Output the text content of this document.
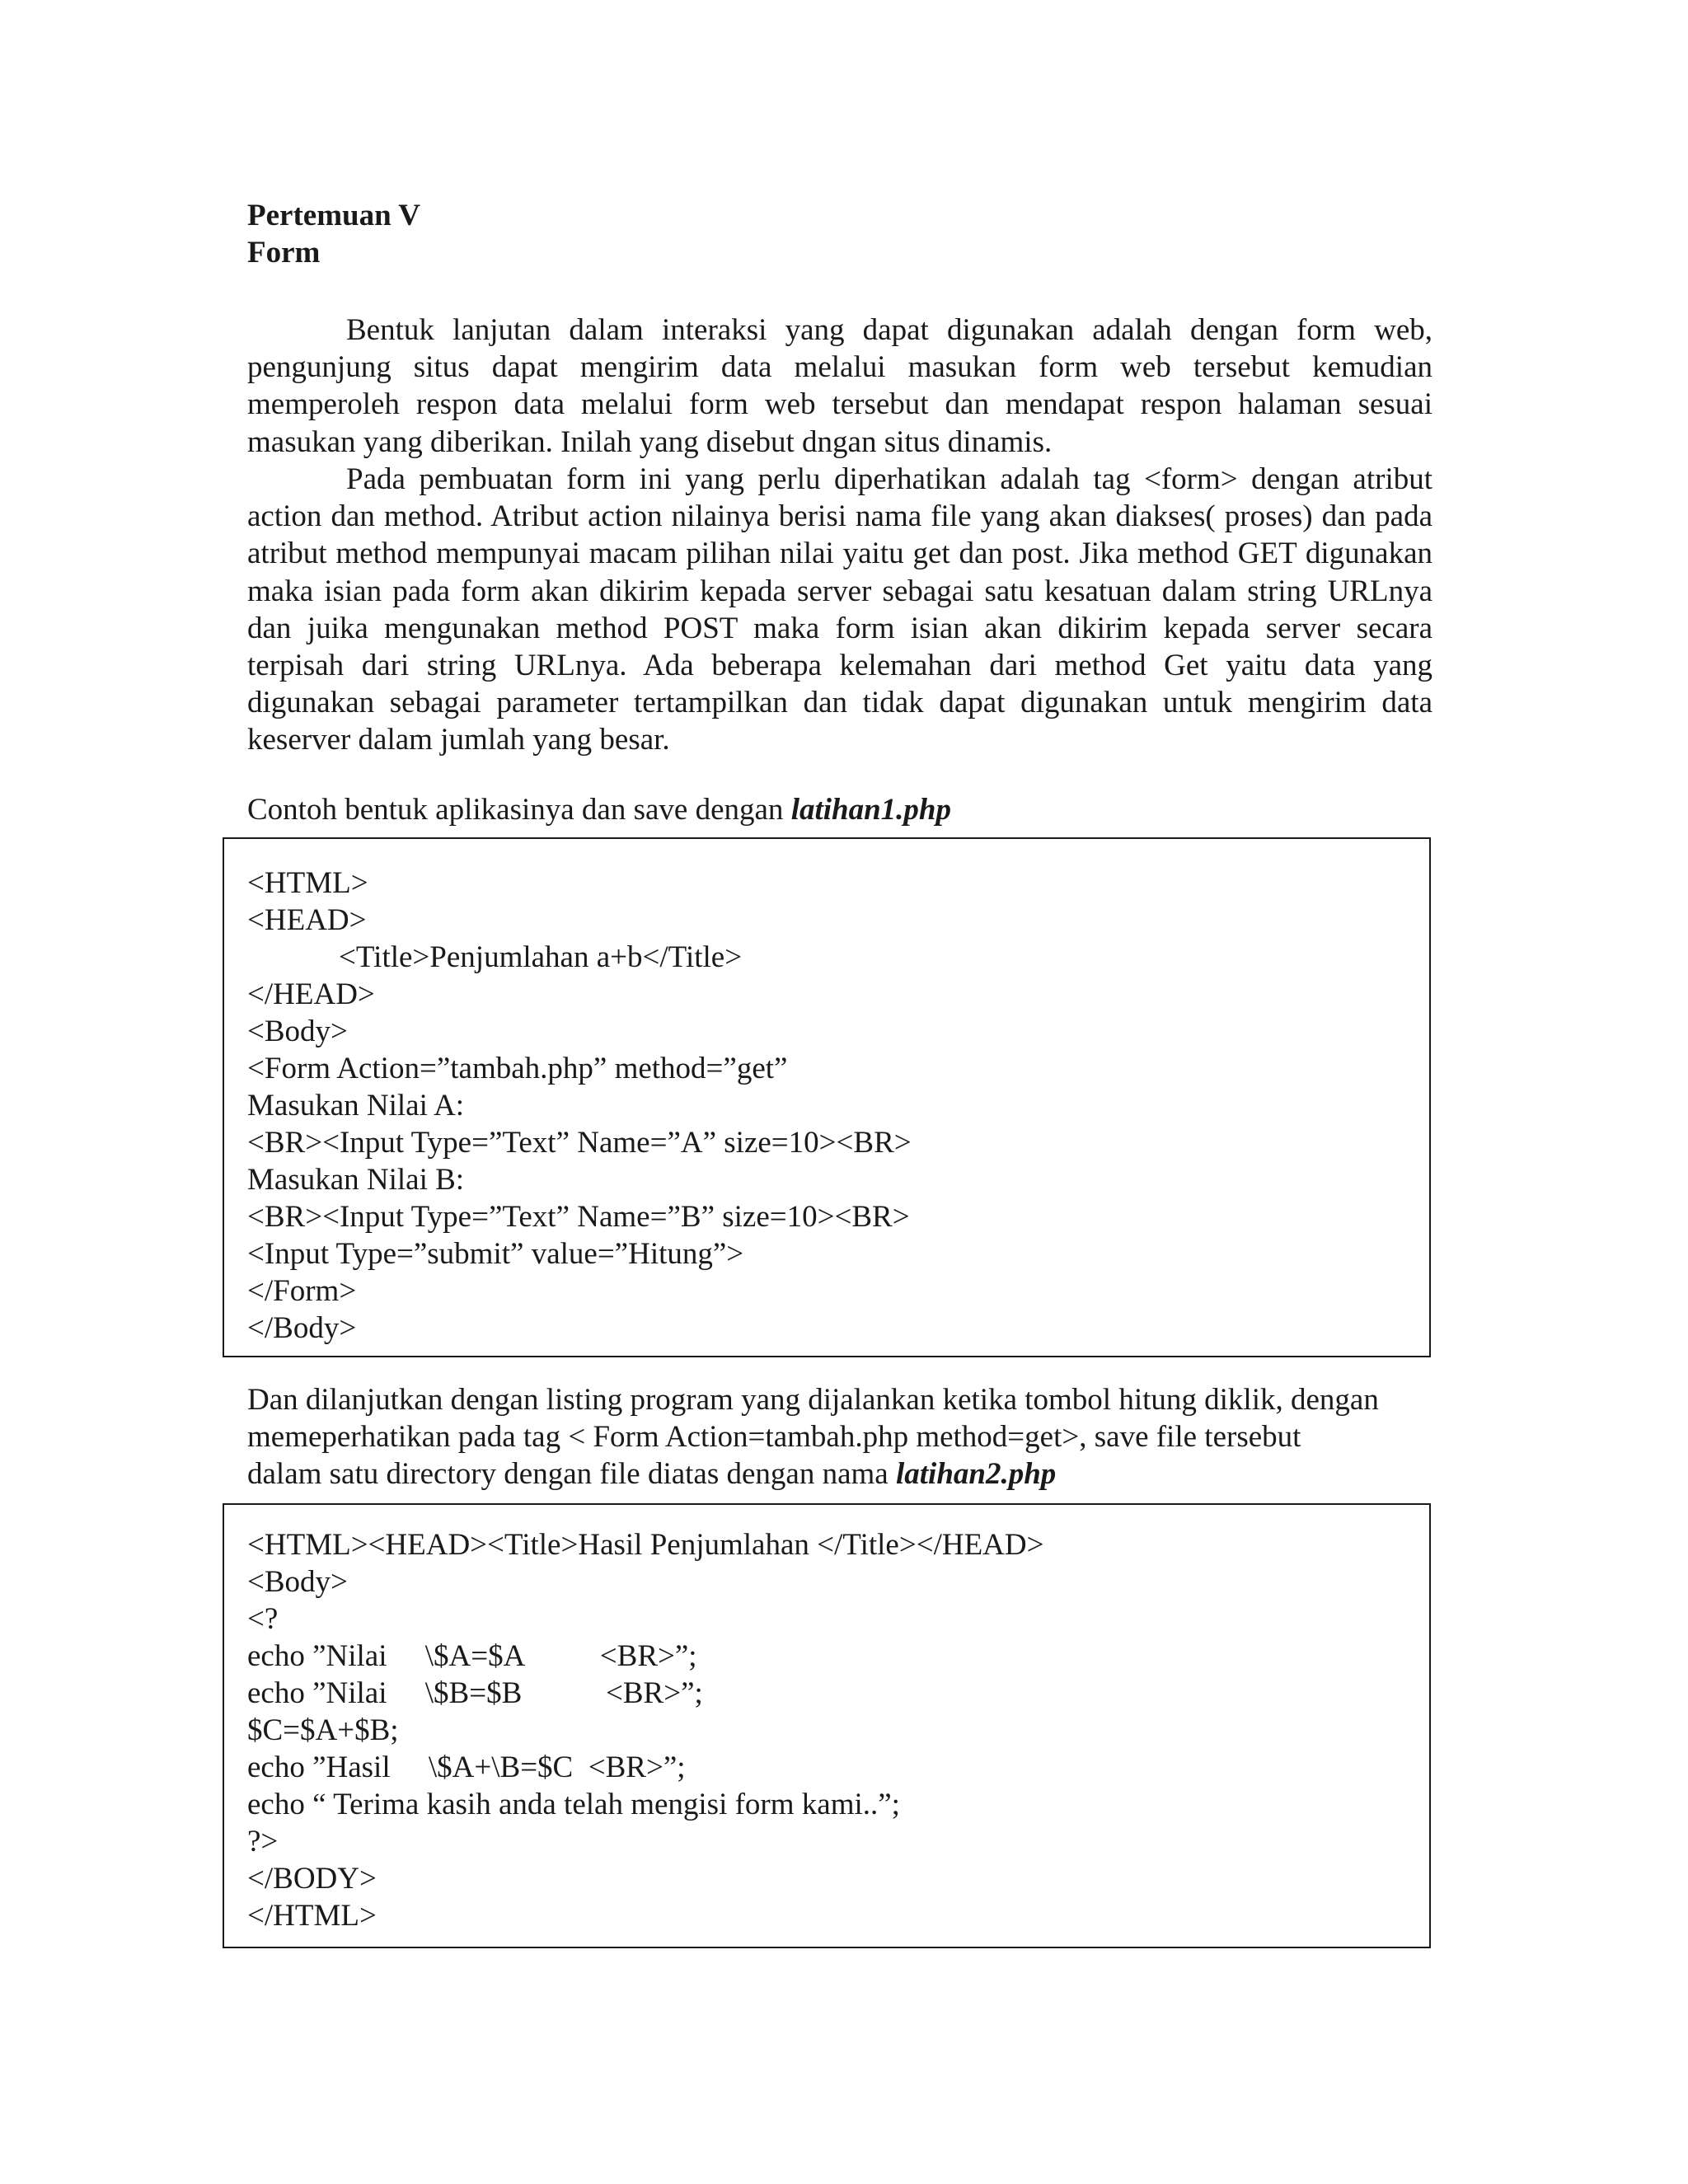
Pertemuan V
Form

Bentuk lanjutan dalam interaksi yang dapat digunakan adalah dengan form web, pengunjung situs dapat mengirim data melalui masukan form web tersebut kemudian memperoleh respon data melalui form web tersebut dan mendapat respon halaman sesuai masukan yang diberikan. Inilah yang disebut dngan situs dinamis.

Pada pembuatan form ini yang perlu diperhatikan adalah tag <form> dengan atribut action dan method. Atribut action nilainya berisi nama file yang akan diakses( proses) dan pada atribut method mempunyai macam pilihan nilai yaitu get dan post. Jika method GET digunakan maka isian pada form akan dikirim kepada server sebagai satu kesatuan dalam string URLnya dan juika mengunakan method POST maka form isian akan dikirim kepada server secara terpisah dari string URLnya. Ada beberapa kelemahan dari method Get yaitu data yang digunakan sebagai parameter tertampilkan dan tidak dapat digunakan untuk mengirim data keserver dalam jumlah yang besar.

Contoh bentuk aplikasinya dan save dengan latihan1.php
<HTML>
<HEAD>
<Title>Penjumlahan a+b</Title>
</HEAD>
<Body>
<Form Action=”tambah.php” method=”get”
Masukan Nilai A:
<BR><Input Type=”Text” Name=”A” size=10><BR>
Masukan Nilai B:
<BR><Input Type=”Text” Name=”B” size=10><BR>
<Input Type=”submit” value=”Hitung”>
</Form>
</Body>
Dan dilanjutkan dengan listing program yang dijalankan ketika tombol hitung diklik, dengan
memeperhatikan pada tag < Form Action=tambah.php method=get>, save file tersebut
dalam satu directory dengan file diatas dengan nama latihan2.php
<HTML><HEAD><Title>Hasil Penjumlahan </Title></HEAD>
<Body>
<?
echo ”Nilai     \$A=$A          <BR>”;
echo ”Nilai     \$B=$B           <BR>”;
$C=$A+$B;
echo ”Hasil     \$A+\B=$C  <BR>”;
echo “ Terima kasih anda telah mengisi form kami..”;
?>
</BODY>
</HTML>
